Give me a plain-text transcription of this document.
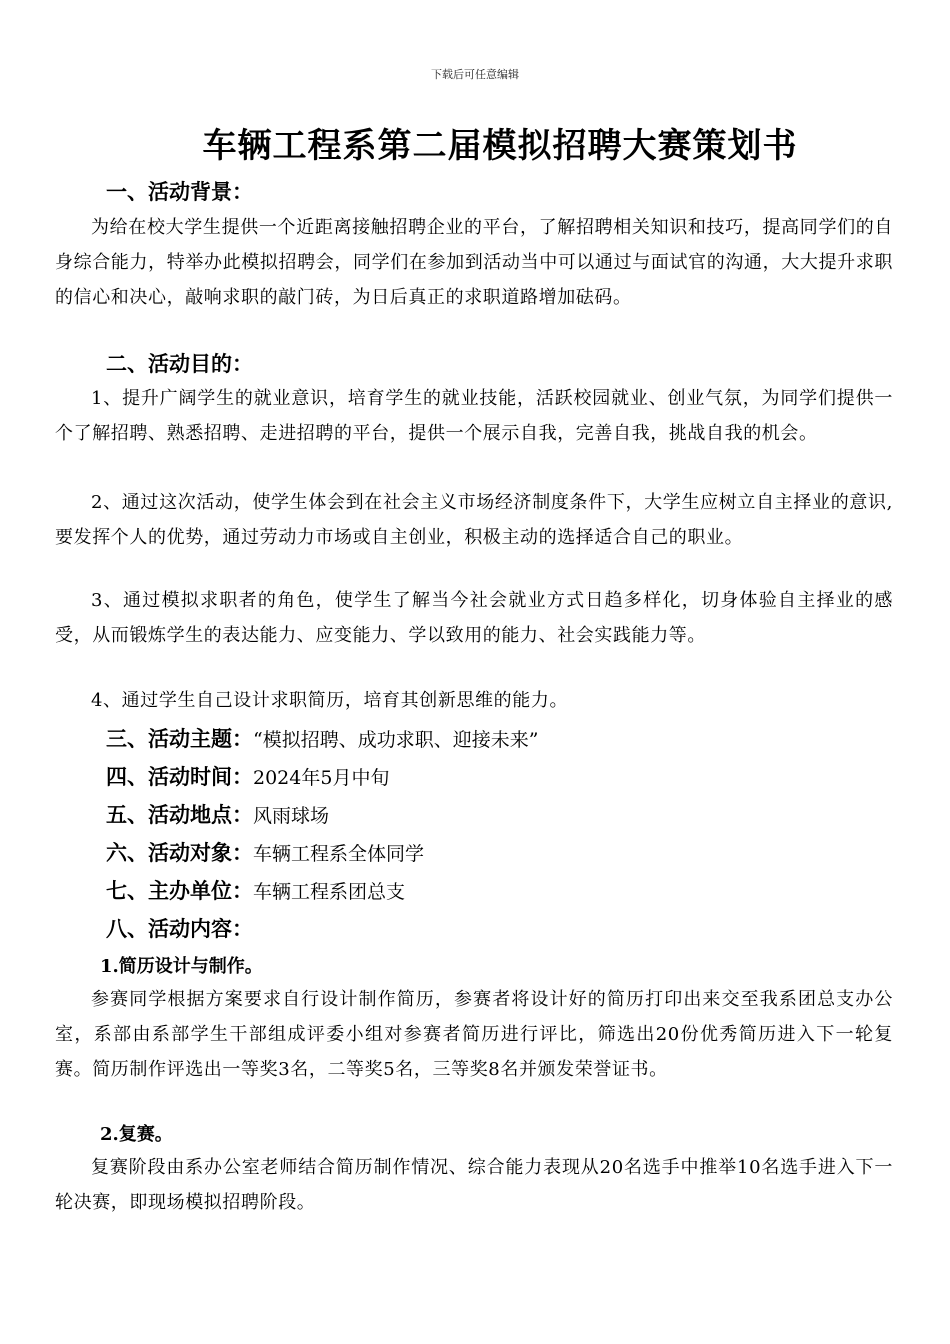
下载后可任意编辑
车辆工程系第二届模拟招聘大赛策划书
一、活动背景：
为给在校大学生提供一个近距离接触招聘企业的平台，了解招聘相关知识和技巧，提高同学们的自身综合能力，特举办此模拟招聘会，同学们在参加到活动当中可以通过与面试官的沟通，大大提升求职的信心和决心，敲响求职的敲门砖，为日后真正的求职道路增加砝码。
二、活动目的：
1、提升广阔学生的就业意识，培育学生的就业技能，活跃校园就业、创业气氛，为同学们提供一个了解招聘、熟悉招聘、走进招聘的平台，提供一个展示自我，完善自我，挑战自我的机会。
2、通过这次活动，使学生体会到在社会主义市场经济制度条件下，大学生应树立自主择业的意识,要发挥个人的优势，通过劳动力市场或自主创业，积极主动的选择适合自己的职业。
3、通过模拟求职者的角色，使学生了解当今社会就业方式日趋多样化，切身体验自主择业的感受，从而锻炼学生的表达能力、应变能力、学以致用的能力、社会实践能力等。
4、通过学生自己设计求职简历，培育其创新思维的能力。
三、活动主题：“模拟招聘、成功求职、迎接未来”
四、活动时间：2024年5月中旬
五、活动地点：风雨球场
六、活动对象：车辆工程系全体同学
七、主办单位：车辆工程系团总支
八、活动内容：
1.简历设计与制作。
参赛同学根据方案要求自行设计制作简历，参赛者将设计好的简历打印出来交至我系团总支办公室，系部由系部学生干部组成评委小组对参赛者简历进行评比，筛选出20份优秀简历进入下一轮复赛。简历制作评选出一等奖3名，二等奖5名，三等奖8名并颁发荣誉证书。
2.复赛。
复赛阶段由系办公室老师结合简历制作情况、综合能力表现从20名选手中推举10名选手进入下一轮决赛，即现场模拟招聘阶段。
